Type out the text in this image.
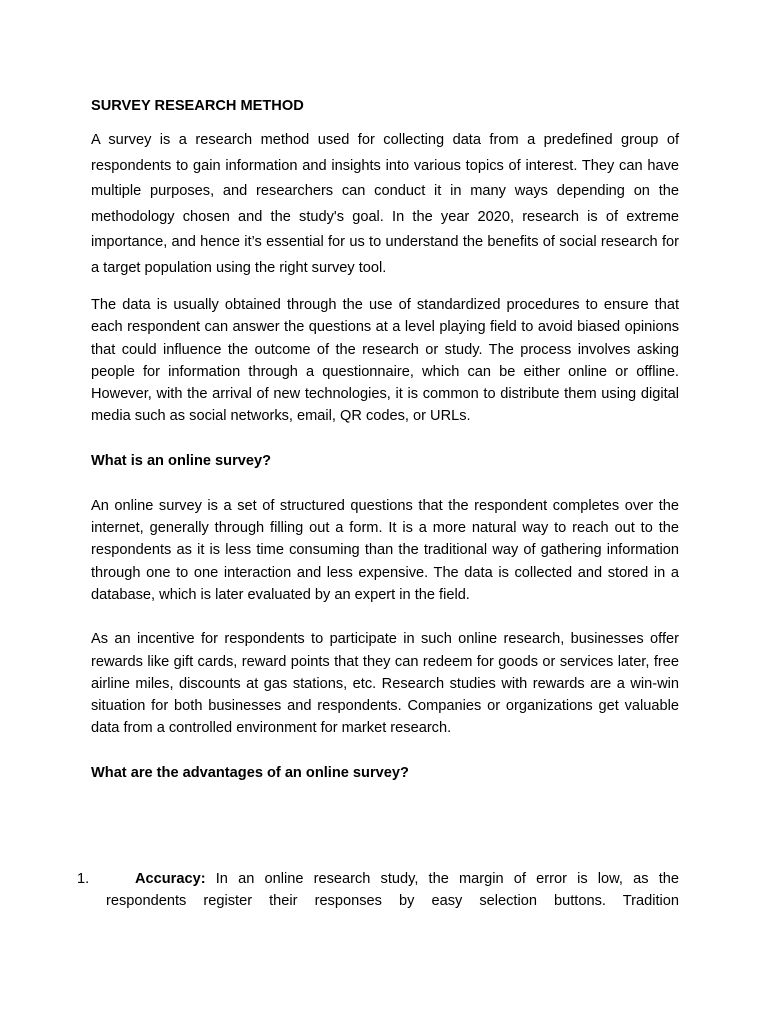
SURVEY RESEARCH METHOD

A survey is a research method used for collecting data from a predefined group of respondents to gain information and insights into various topics of interest. They can have multiple purposes, and researchers can conduct it in many ways depending on the methodology chosen and the study's goal. In the year 2020, research is of extreme importance, and hence it’s essential for us to understand the benefits of social research for a target population using the right survey tool.

The data is usually obtained through the use of standardized procedures to ensure that each respondent can answer the questions at a level playing field to avoid biased opinions that could influence the outcome of the research or study. The process involves asking people for information through a questionnaire, which can be either online or offline. However, with the arrival of new technologies, it is common to distribute them using digital media such as social networks, email, QR codes, or URLs.

What is an online survey?

An online survey is a set of structured questions that the respondent completes over the internet, generally through filling out a form. It is a more natural way to reach out to the respondents as it is less time consuming than the traditional way of gathering information through one to one interaction and less expensive. The data is collected and stored in a database, which is later evaluated by an expert in the field.

As an incentive for respondents to participate in such online research, businesses offer rewards like gift cards, reward points that they can redeem for goods or services later, free airline miles, discounts at gas stations, etc. Research studies with rewards are a win-win situation for both businesses and respondents. Companies or organizations get valuable data from a controlled environment for market research.

What are the advantages of an online survey?
1.	Accuracy: In an online research study, the margin of error is low, as the respondents register their responses by easy selection buttons. Tradition
